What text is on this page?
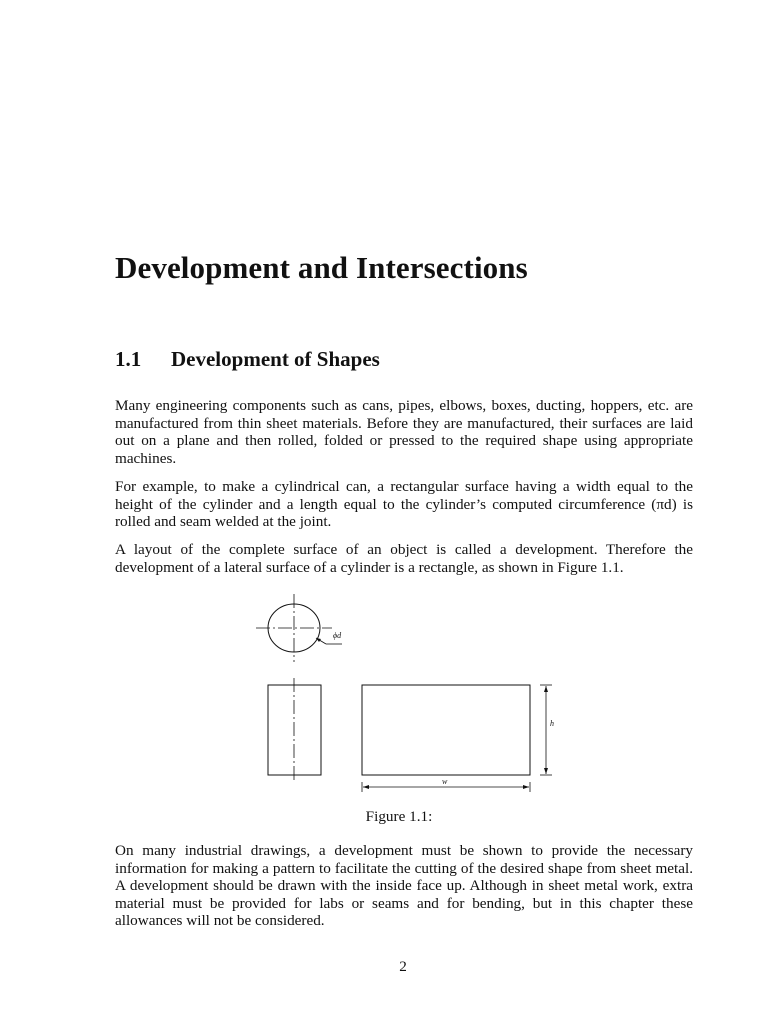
Development and Intersections
1.1 Development of Shapes

Many engineering components such as cans, pipes, elbows, boxes, ducting, hoppers, etc. are manufactured from thin sheet materials. Before they are manufactured, their surfaces are laid out on a plane and then rolled, folded or pressed to the required shape using appropriate machines.

For example, to make a cylindrical can, a rectangular surface having a width equal to the height of the cylinder and a length equal to the cylinder’s computed circumference (πd) is rolled and seam welded at the joint.

A layout of the complete surface of an object is called a development. Therefore the development of a lateral surface of a cylinder is a rectangle, as shown in Figure 1.1.

ϕd
h
w

Figure 1.1:

On many industrial drawings, a development must be shown to provide the necessary information for making a pattern to facilitate the cutting of the desired shape from sheet metal. A development should be drawn with the inside face up. Although in sheet metal work, extra material must be provided for labs or seams and for bending, but in this chapter these allowances will not be considered.

2
